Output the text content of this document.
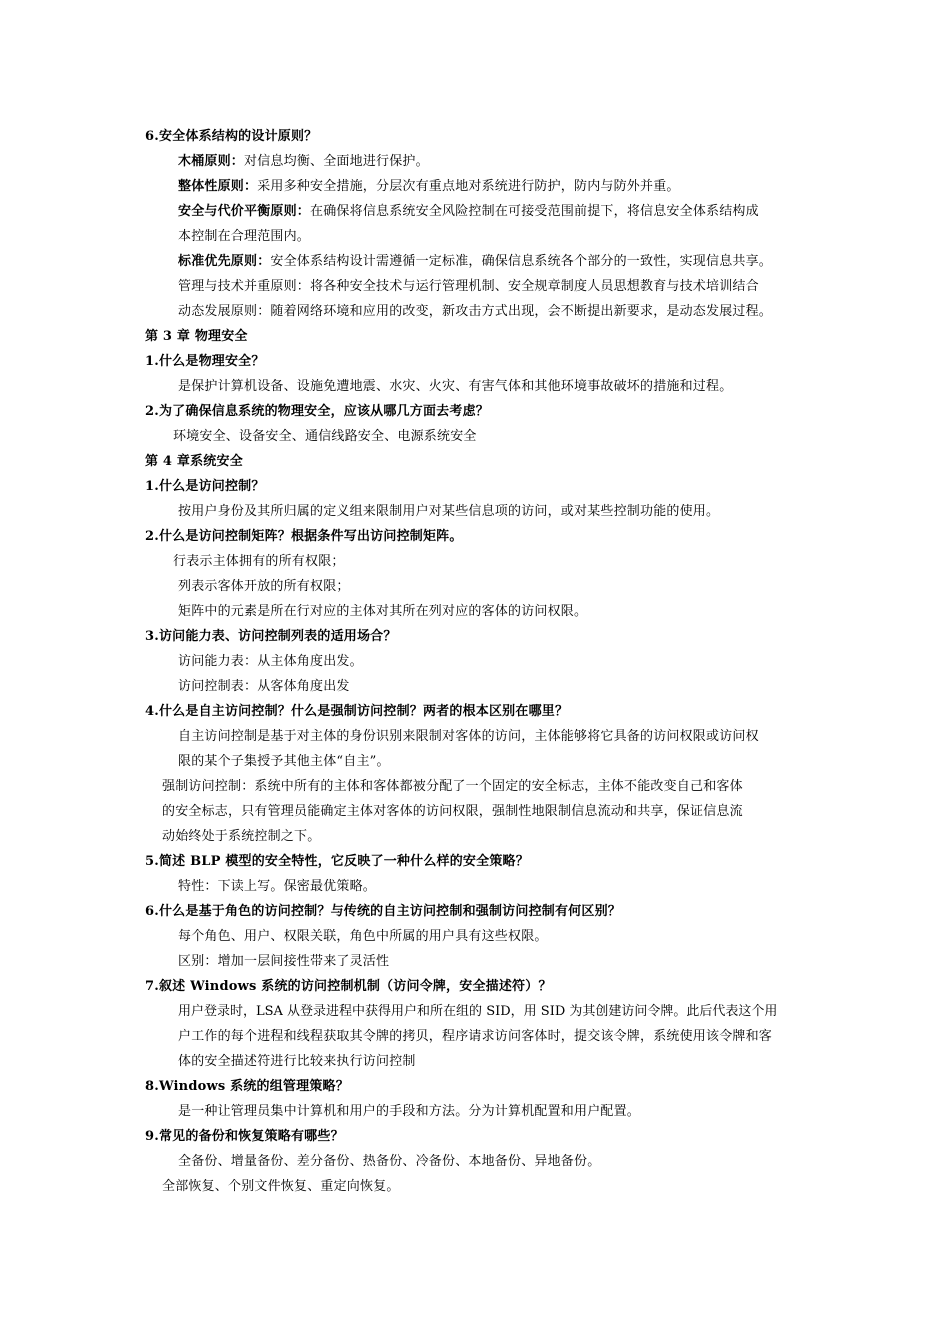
6.安全体系结构的设计原则？
木桶原则：对信息均衡、全面地进行保护。
整体性原则：采用多种安全措施，分层次有重点地对系统进行防护，防内与防外并重。
安全与代价平衡原则：在确保将信息系统安全风险控制在可接受范围前提下，将信息安全体系结构成
本控制在合理范围内。
标准优先原则：安全体系结构设计需遵循一定标准，确保信息系统各个部分的一致性，实现信息共享。
管理与技术并重原则：将各种安全技术与运行管理机制、安全规章制度人员思想教育与技术培训结合
动态发展原则：随着网络环境和应用的改变，新攻击方式出现，会不断提出新要求，是动态发展过程。
第 3 章 物理安全
1.什么是物理安全？
是保护计算机设备、设施免遭地震、水灾、火灾、有害气体和其他环境事故破坏的措施和过程。
2.为了确保信息系统的物理安全，应该从哪几方面去考虑？
环境安全、设备安全、通信线路安全、电源系统安全
第 4 章系统安全
1.什么是访问控制？
按用户身份及其所归属的定义组来限制用户对某些信息项的访问，或对某些控制功能的使用。
2.什么是访问控制矩阵？根据条件写出访问控制矩阵。
行表示主体拥有的所有权限；
列表示客体开放的所有权限；
矩阵中的元素是所在行对应的主体对其所在列对应的客体的访问权限。
3.访问能力表、访问控制列表的适用场合？
访问能力表：从主体角度出发。
访问控制表：从客体角度出发
4.什么是自主访问控制？什么是强制访问控制？两者的根本区别在哪里？
自主访问控制是基于对主体的身份识别来限制对客体的访问，主体能够将它具备的访问权限或访问权
限的某个子集授予其他主体“自主”。
强制访问控制：系统中所有的主体和客体都被分配了一个固定的安全标志，主体不能改变自己和客体
的安全标志，只有管理员能确定主体对客体的访问权限，强制性地限制信息流动和共享，保证信息流
动始终处于系统控制之下。
5.简述 BLP 模型的安全特性，它反映了一种什么样的安全策略？
特性：下读上写。保密最优策略。
6.什么是基于角色的访问控制？与传统的自主访问控制和强制访问控制有何区别？
每个角色、用户、权限关联，角色中所属的用户具有这些权限。
区别：增加一层间接性带来了灵活性
7.叙述 Windows 系统的访问控制机制（访问令牌，安全描述符）？
用户登录时，LSA 从登录进程中获得用户和所在组的 SID，用 SID 为其创建访问令牌。此后代表这个用
户工作的每个进程和线程获取其令牌的拷贝，程序请求访问客体时，提交该令牌，系统使用该令牌和客
体的安全描述符进行比较来执行访问控制
8.Windows 系统的组管理策略？
是一种让管理员集中计算机和用户的手段和方法。分为计算机配置和用户配置。
9.常见的备份和恢复策略有哪些？
全备份、增量备份、差分备份、热备份、冷备份、本地备份、异地备份。
全部恢复、个别文件恢复、重定向恢复。
